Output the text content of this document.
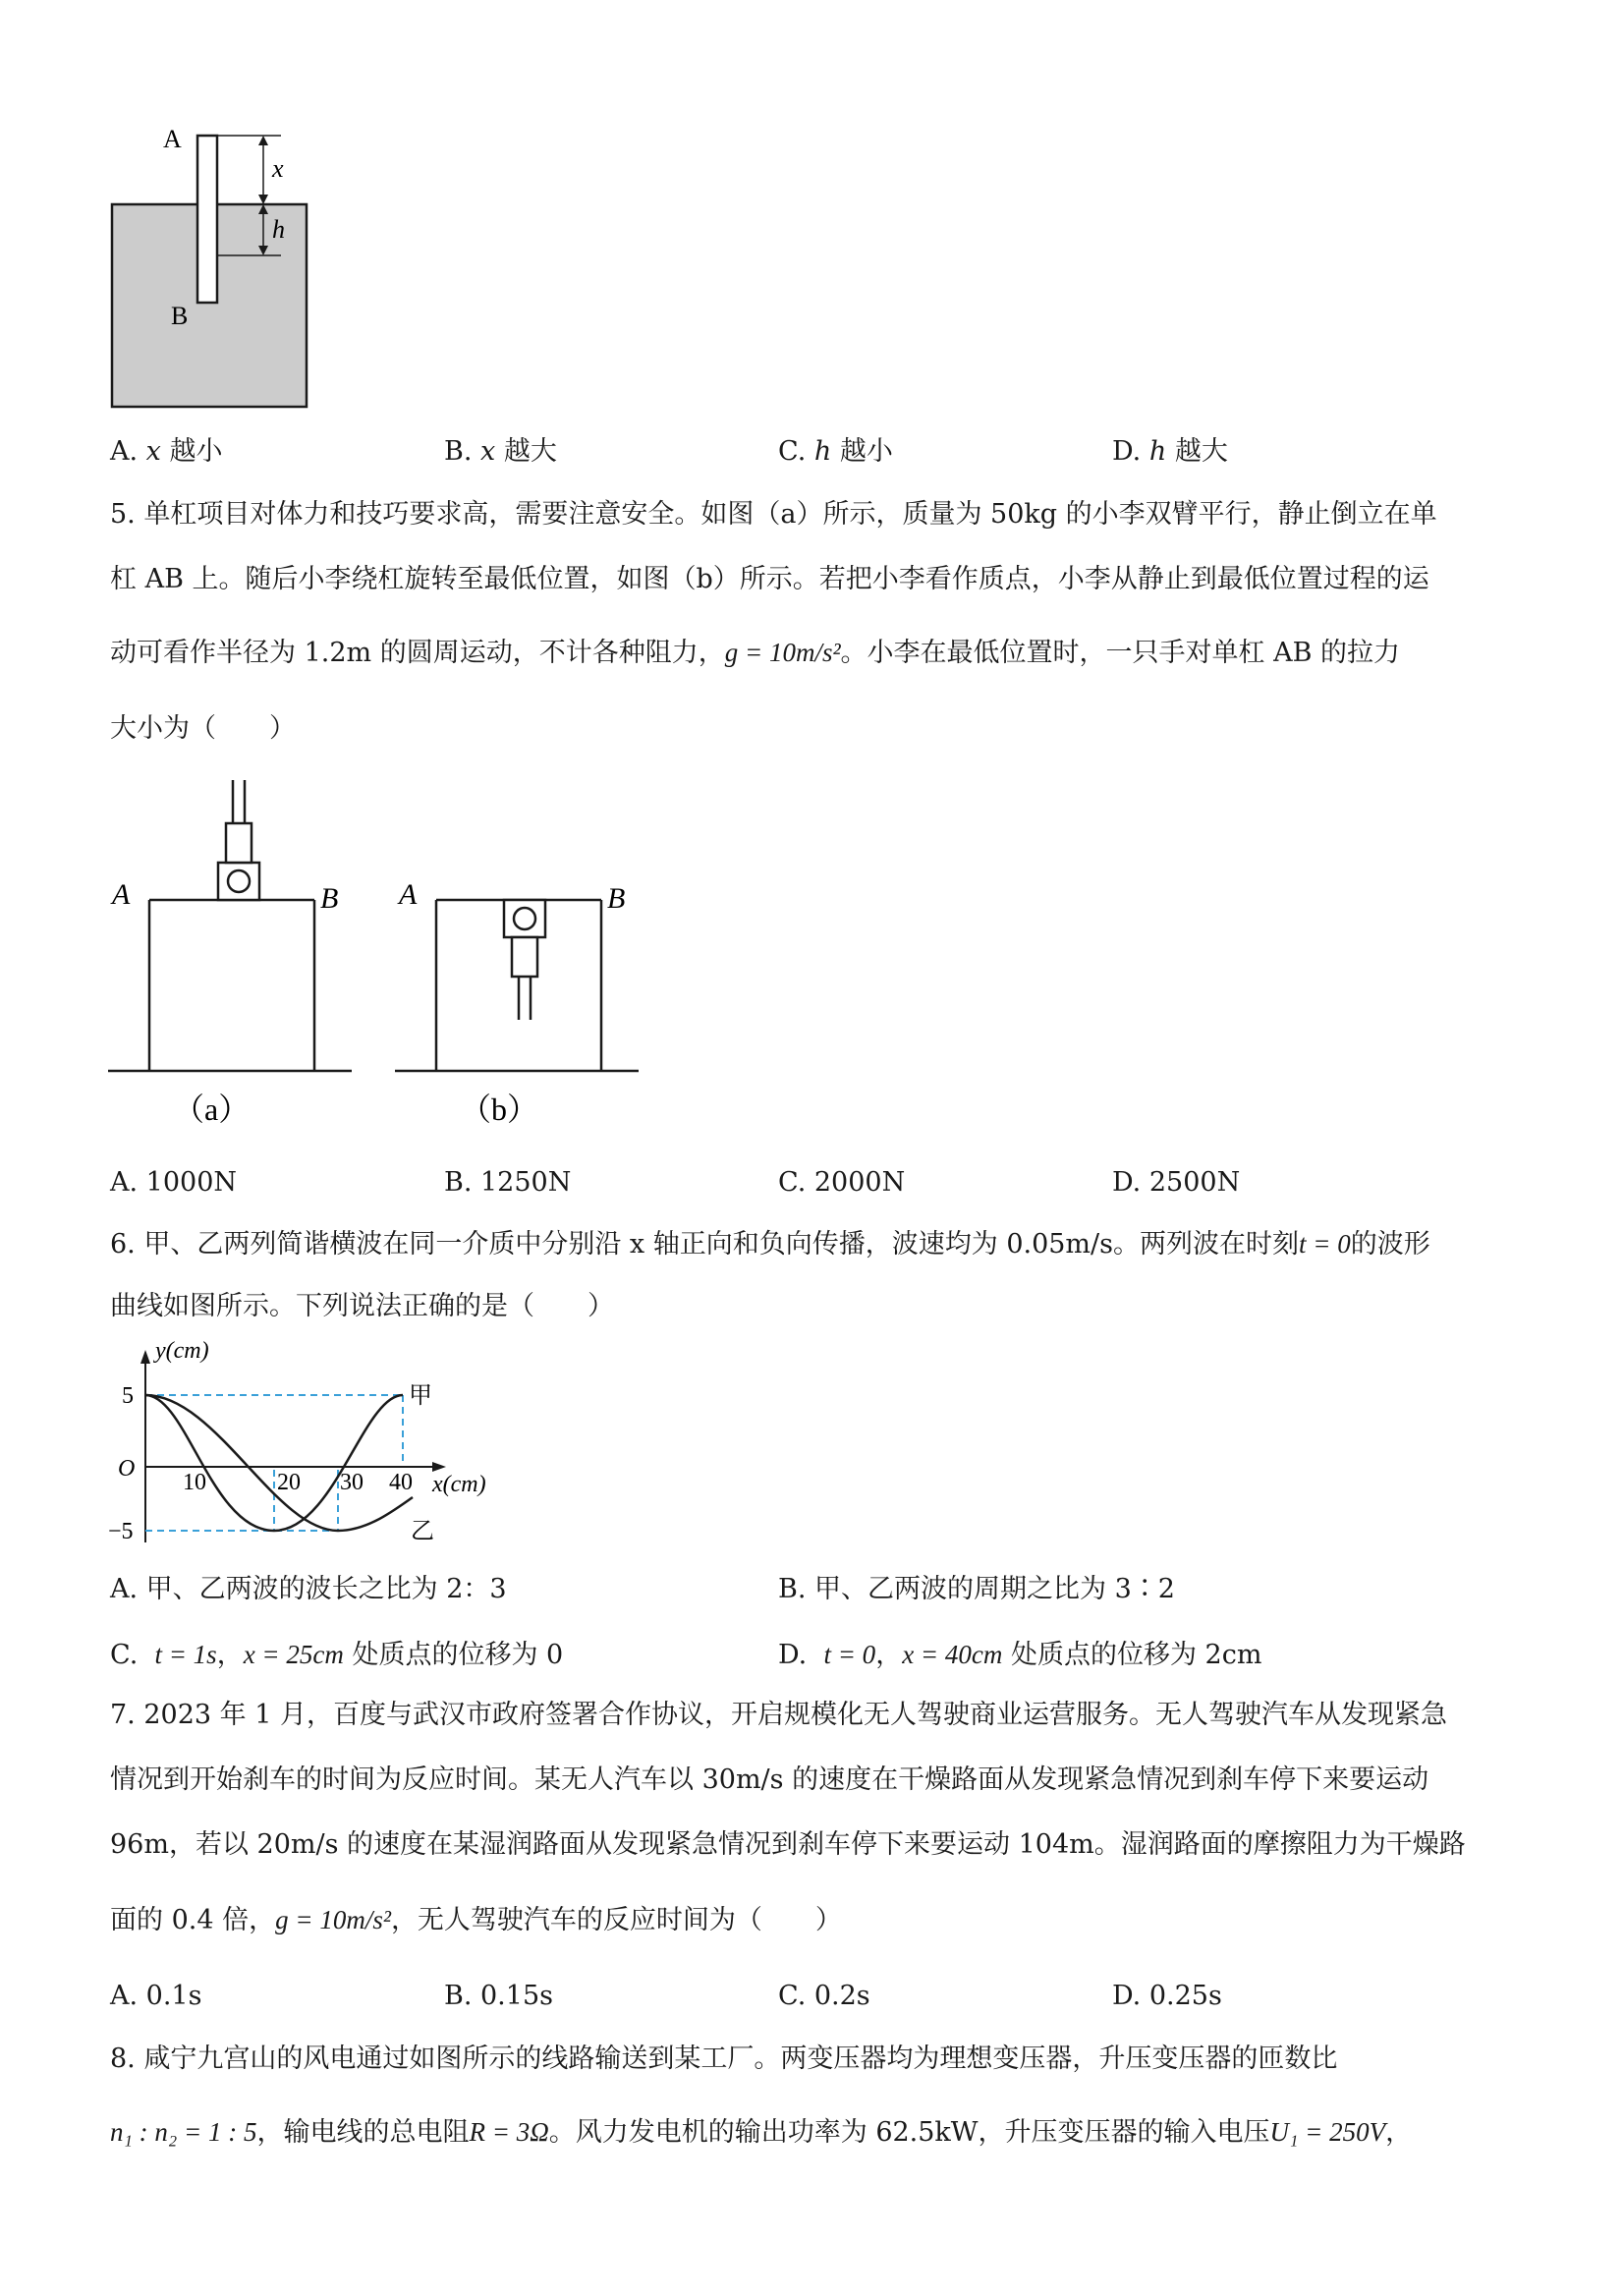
A
B
x
h
A. x 越小	B. x 越大	C. h 越小	D. h 越大
5. 单杠项目对体力和技巧要求高，需要注意安全。如图（a）所示，质量为 50kg 的小李双臂平行，静止倒立在单
杠 AB 上。随后小李绕杠旋转至最低位置，如图（b）所示。若把小李看作质点，小李从静止到最低位置过程的运
动可看作半径为 1.2m 的圆周运动，不计各种阻力，g = 10m/s²。小李在最低位置时，一只手对单杠 AB 的拉力
大小为（　　）
A	B
（a）
A	B
（b）
A. 1000N	B. 1250N	C. 2000N	D. 2500N
6. 甲、乙两列简谐横波在同一介质中分别沿 x 轴正向和负向传播，波速均为 0.05m/s。两列波在时刻t = 0的波形
曲线如图所示。下列说法正确的是（　　）
y(cm)
x(cm)
O
5
−5
10	20 30 40
甲
乙
A. 甲、乙两波的波长之比为 2：3	B. 甲、乙两波的周期之比为 3∶2
C. t = 1s，x = 25cm 处质点的位移为 0	D. t = 0，x = 40cm 处质点的位移为 2cm
7. 2023 年 1 月，百度与武汉市政府签署合作协议，开启规模化无人驾驶商业运营服务。无人驾驶汽车从发现紧急
情况到开始刹车的时间为反应时间。某无人汽车以 30m/s 的速度在干燥路面从发现紧急情况到刹车停下来要运动
96m，若以 20m/s 的速度在某湿润路面从发现紧急情况到刹车停下来要运动 104m。湿润路面的摩擦阻力为干燥路
面的 0.4 倍，g = 10m/s²，无人驾驶汽车的反应时间为（　　）
A. 0.1s	B. 0.15s	C. 0.2s	D. 0.25s
8. 咸宁九宫山的风电通过如图所示的线路输送到某工厂。两变压器均为理想变压器，升压变压器的匝数比
n₁ : n₂ = 1 : 5，输电线的总电阻R = 3Ω。风力发电机的输出功率为 62.5kW，升压变压器的输入电压U₁ = 250V，
